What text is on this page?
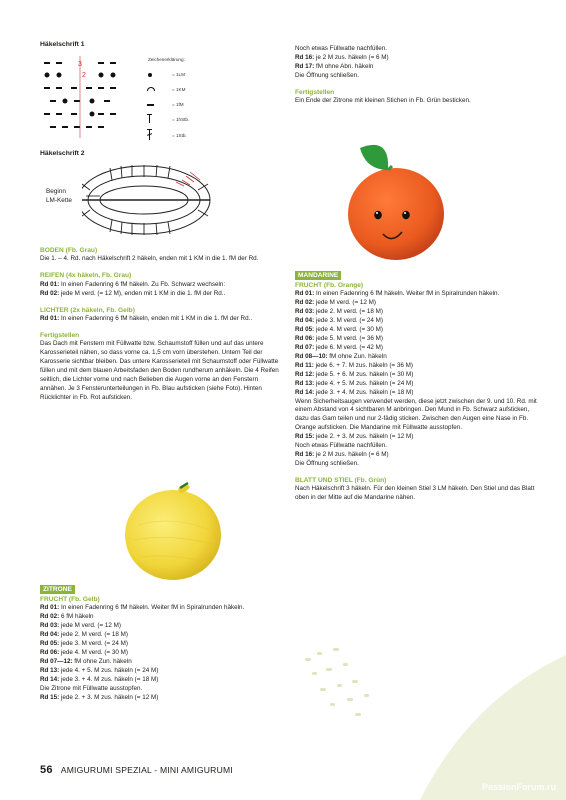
Häkelschrift 1
3
2
Zeichenerklärung:
= 1LM
= 1KM
= 1fM
= 1hStb.
= 1Stb.
Häkelschrift 2
Beginn
LM-Kette

BODEN (Fb. Grau)

Die 1. – 4. Rd. nach Häkelschrift 2 häkeln, enden mit 1 KM in die 1. fM der Rd.

REIFEN (4x häkeln, Fb. Grau)

Rd 01: In einen Fadenring 6 fM häkeln. Zu Fb. Schwarz wechseln:

Rd 02: jede M verd. (= 12 M), enden mit 1 KM in die 1. fM der Rd..

LICHTER (2x häkeln, Fb. Gelb)

Rd 01: In einen Fadenring 6 fM häkeln, enden mit 1 KM in die 1. fM der Rd..

Fertigstellen

Das Dach mit Fenstern mit Füllwatte bzw. Schaumstoff füllen und auf das untere Karosserieteil nähen, so dass vorne ca. 1,5 cm vorn überstehen. Untern Teil der Karosserie sichtbar bleiben. Das untere Karosserieteil mit Schaumstoff oder Füllwatte füllen und mit dem blauen Arbeitsfaden den Boden rundherum anhäkeln. Die 4 Reifen seitlich, die Lichter vorne und nach Belieben die Augen vorne an den Fenstern annähen. Je 3 Fensterunterteilungen in Fb. Blau aufsticken (siehe Foto). Hinten Rücklichter in Fb. Rot aufsticken.

ZITRONE

FRUCHT (Fb. Gelb)

Rd 01: In einen Fadenring 6 fM häkeln. Weiter fM in Spiralrunden häkeln.

Rd 02: 6 fM häkeln

Rd 03: jede M verd. (= 12 M)

Rd 04: jede 2. M verd. (= 18 M)

Rd 05: jede 3. M verd. (= 24 M)

Rd 06: jede 4. M verd. (= 30 M)

Rd 07—12: fM ohne Zun. häkeln

Rd 13: jede 4. + 5. M zus. häkeln (= 24 M)

Rd 14: jede 3. + 4. M zus. häkeln (= 18 M)

Die Zitrone mit Füllwatte ausstopfen.

Rd 15: jede 2. + 3. M zus. häkeln (= 12 M)

Noch etwas Füllwatte nachfüllen.

Rd 16: je 2 M zus. häkeln (= 6 M)

Rd 17: fM ohne Abn. häkeln

Die Öffnung schließen.

Fertigstellen

Ein Ende der Zitrone mit kleinen Stichen in Fb. Grün besticken.

MANDARINE

FRUCHT (Fb. Orange)

Rd 01: In einen Fadenring 6 fM häkeln. Weiter fM in Spiralrunden häkeln.

Rd 02: jede M verd. (= 12 M)

Rd 03: jede 2. M verd. (= 18 M)

Rd 04: jede 3. M verd. (= 24 M)

Rd 05: jede 4. M verd. (= 30 M)

Rd 06: jede 5. M verd. (= 36 M)

Rd 07: jede 6. M verd. (= 42 M)

Rd 08—10: fM ohne Zun. häkeln

Rd 11: jede 6. + 7. M zus. häkeln (= 36 M)

Rd 12: jede 5. + 6. M zus. häkeln (= 30 M)

Rd 13: jede 4. + 5. M zus. häkeln (= 24 M)

Rd 14: jede 3. + 4. M zus. häkeln (= 18 M)

Wenn Sicherheitsaugen verwendet werden, diese jetzt zwischen der 9. und 10. Rd. mit einem Abstand von 4 sichtbaren M anbringen. Den Mund in Fb. Schwarz aufsticken, dazu das Garn teilen und nur 2-fädig sticken. Zwischen den Augen eine Nase in Fb. Orange aufsticken. Die Mandarine mit Füllwatte ausstopfen.

Rd 15: jede 2. + 3. M zus. häkeln (= 12 M)

Noch etwas Füllwatte nachfüllen.

Rd 16: je 2 M zus. häkeln (= 6 M)

Die Öffnung schließen.

BLATT UND STIEL (Fb. Grün)

Nach Häkelschrift 3 häkeln. Für den kleinen Stiel 3 LM häkeln. Den Stiel und das Blatt oben in der Mitte auf die Mandarine nähen.

56 AMIGURUMI SPEZIAL - MINI AMIGURUMI
PassionForum.ru
